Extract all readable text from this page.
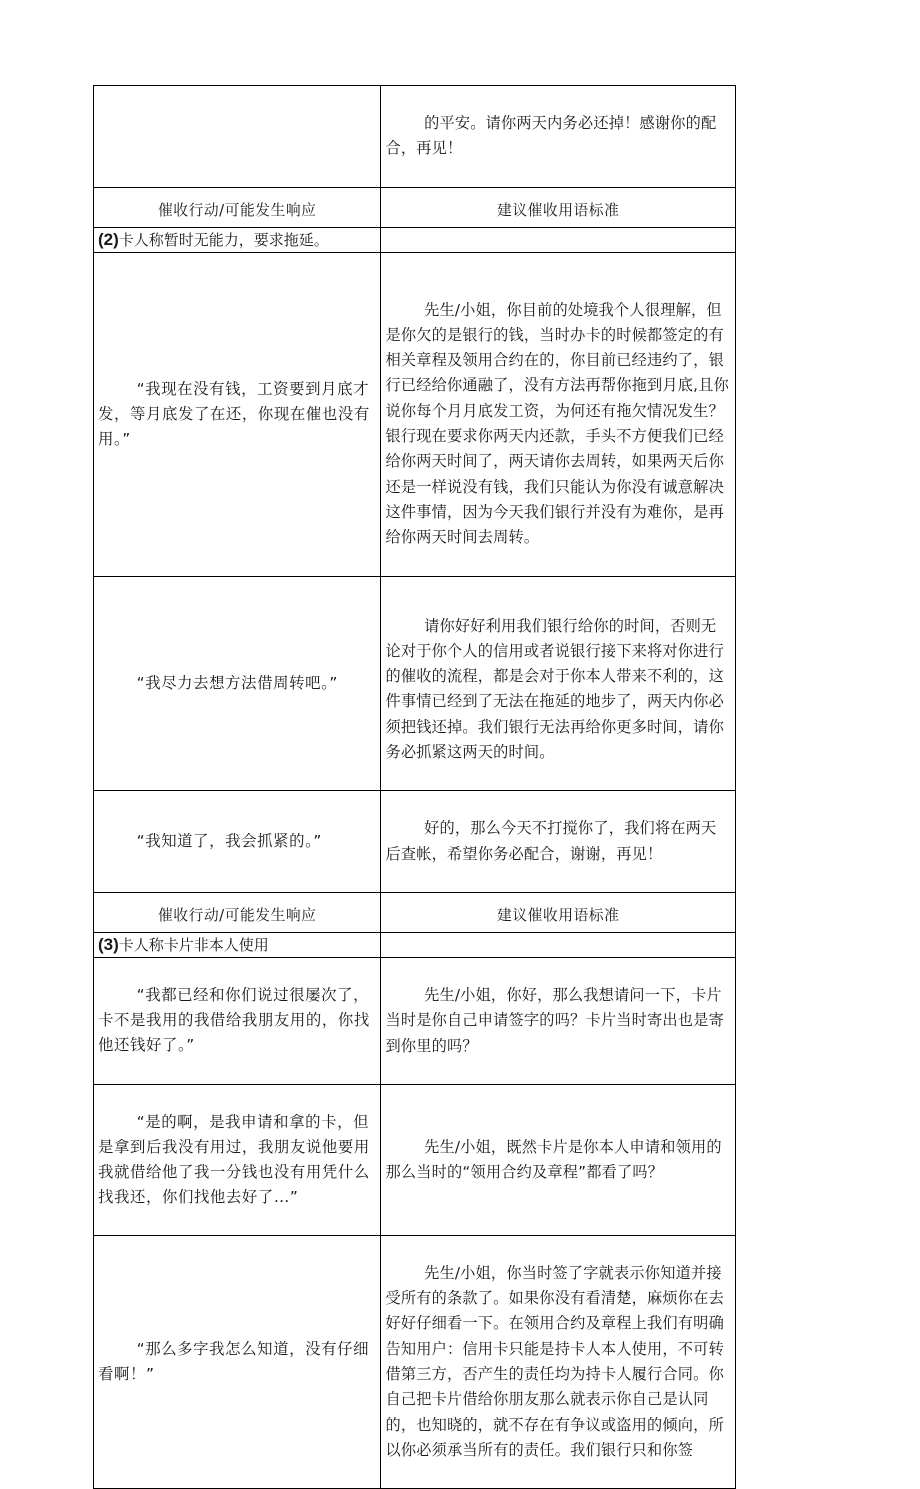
的平安。请你两天内务必还掉！感谢你的配合，再见！

催收行动/可能发生响应	建议催收用语标准
(2)卡人称暂时无能力，要求拖延。	

“我现在没有钱，工资要到月底才发，等月底发了在还，你现在催也没有用。”	先生/小姐，你目前的处境我个人很理解，但是你欠的是银行的钱，当时办卡的时候都签定的有相关章程及领用合约在的，你目前已经违约了，银行已经给你通融了，没有方法再帮你拖到月底,且你说你每个月月底发工资，为何还有拖欠情况发生？银行现在要求你两天内还款，手头不方便我们已经给你两天时间了，两天请你去周转，如果两天后你还是一样说没有钱，我们只能认为你没有诚意解决这件事情，因为今天我们银行并没有为难你，是再给你两天时间去周转。

“我尽力去想方法借周转吧。”	请你好好利用我们银行给你的时间，否则无论对于你个人的信用或者说银行接下来将对你进行的催收的流程，都是会对于你本人带来不利的，这件事情已经到了无法在拖延的地步了，两天内你必须把钱还掉。我们银行无法再给你更多时间，请你务必抓紧这两天的时间。

“我知道了，我会抓紧的。”	好的，那么今天不打搅你了，我们将在两天后查帐，希望你务必配合，谢谢，再见！

催收行动/可能发生响应	建议催收用语标准
(3)卡人称卡片非本人使用	

“我都已经和你们说过很屡次了，卡不是我用的我借给我朋友用的，你找他还钱好了。”	先生/小姐，你好，那么我想请问一下，卡片当时是你自己申请签字的吗？卡片当时寄出也是寄到你里的吗？

“是的啊，是我申请和拿的卡，但是拿到后我没有用过，我朋友说他要用我就借给他了我一分钱也没有用凭什么找我还，你们找他去好了…”	先生/小姐，既然卡片是你本人申请和领用的那么当时的“领用合约及章程”都看了吗？

“那么多字我怎么知道，没有仔细看啊！”	先生/小姐，你当时签了字就表示你知道并接受所有的条款了。如果你没有看清楚，麻烦你在去好好仔细看一下。在领用合约及章程上我们有明确告知用户：信用卡只能是持卡人本人使用，不可转借第三方，否产生的责任均为持卡人履行合同。你自己把卡片借给你朋友那么就表示你自己是认同的，也知晓的，就不存在有争议或盗用的倾向，所以你必须承当所有的责任。我们银行只和你签
